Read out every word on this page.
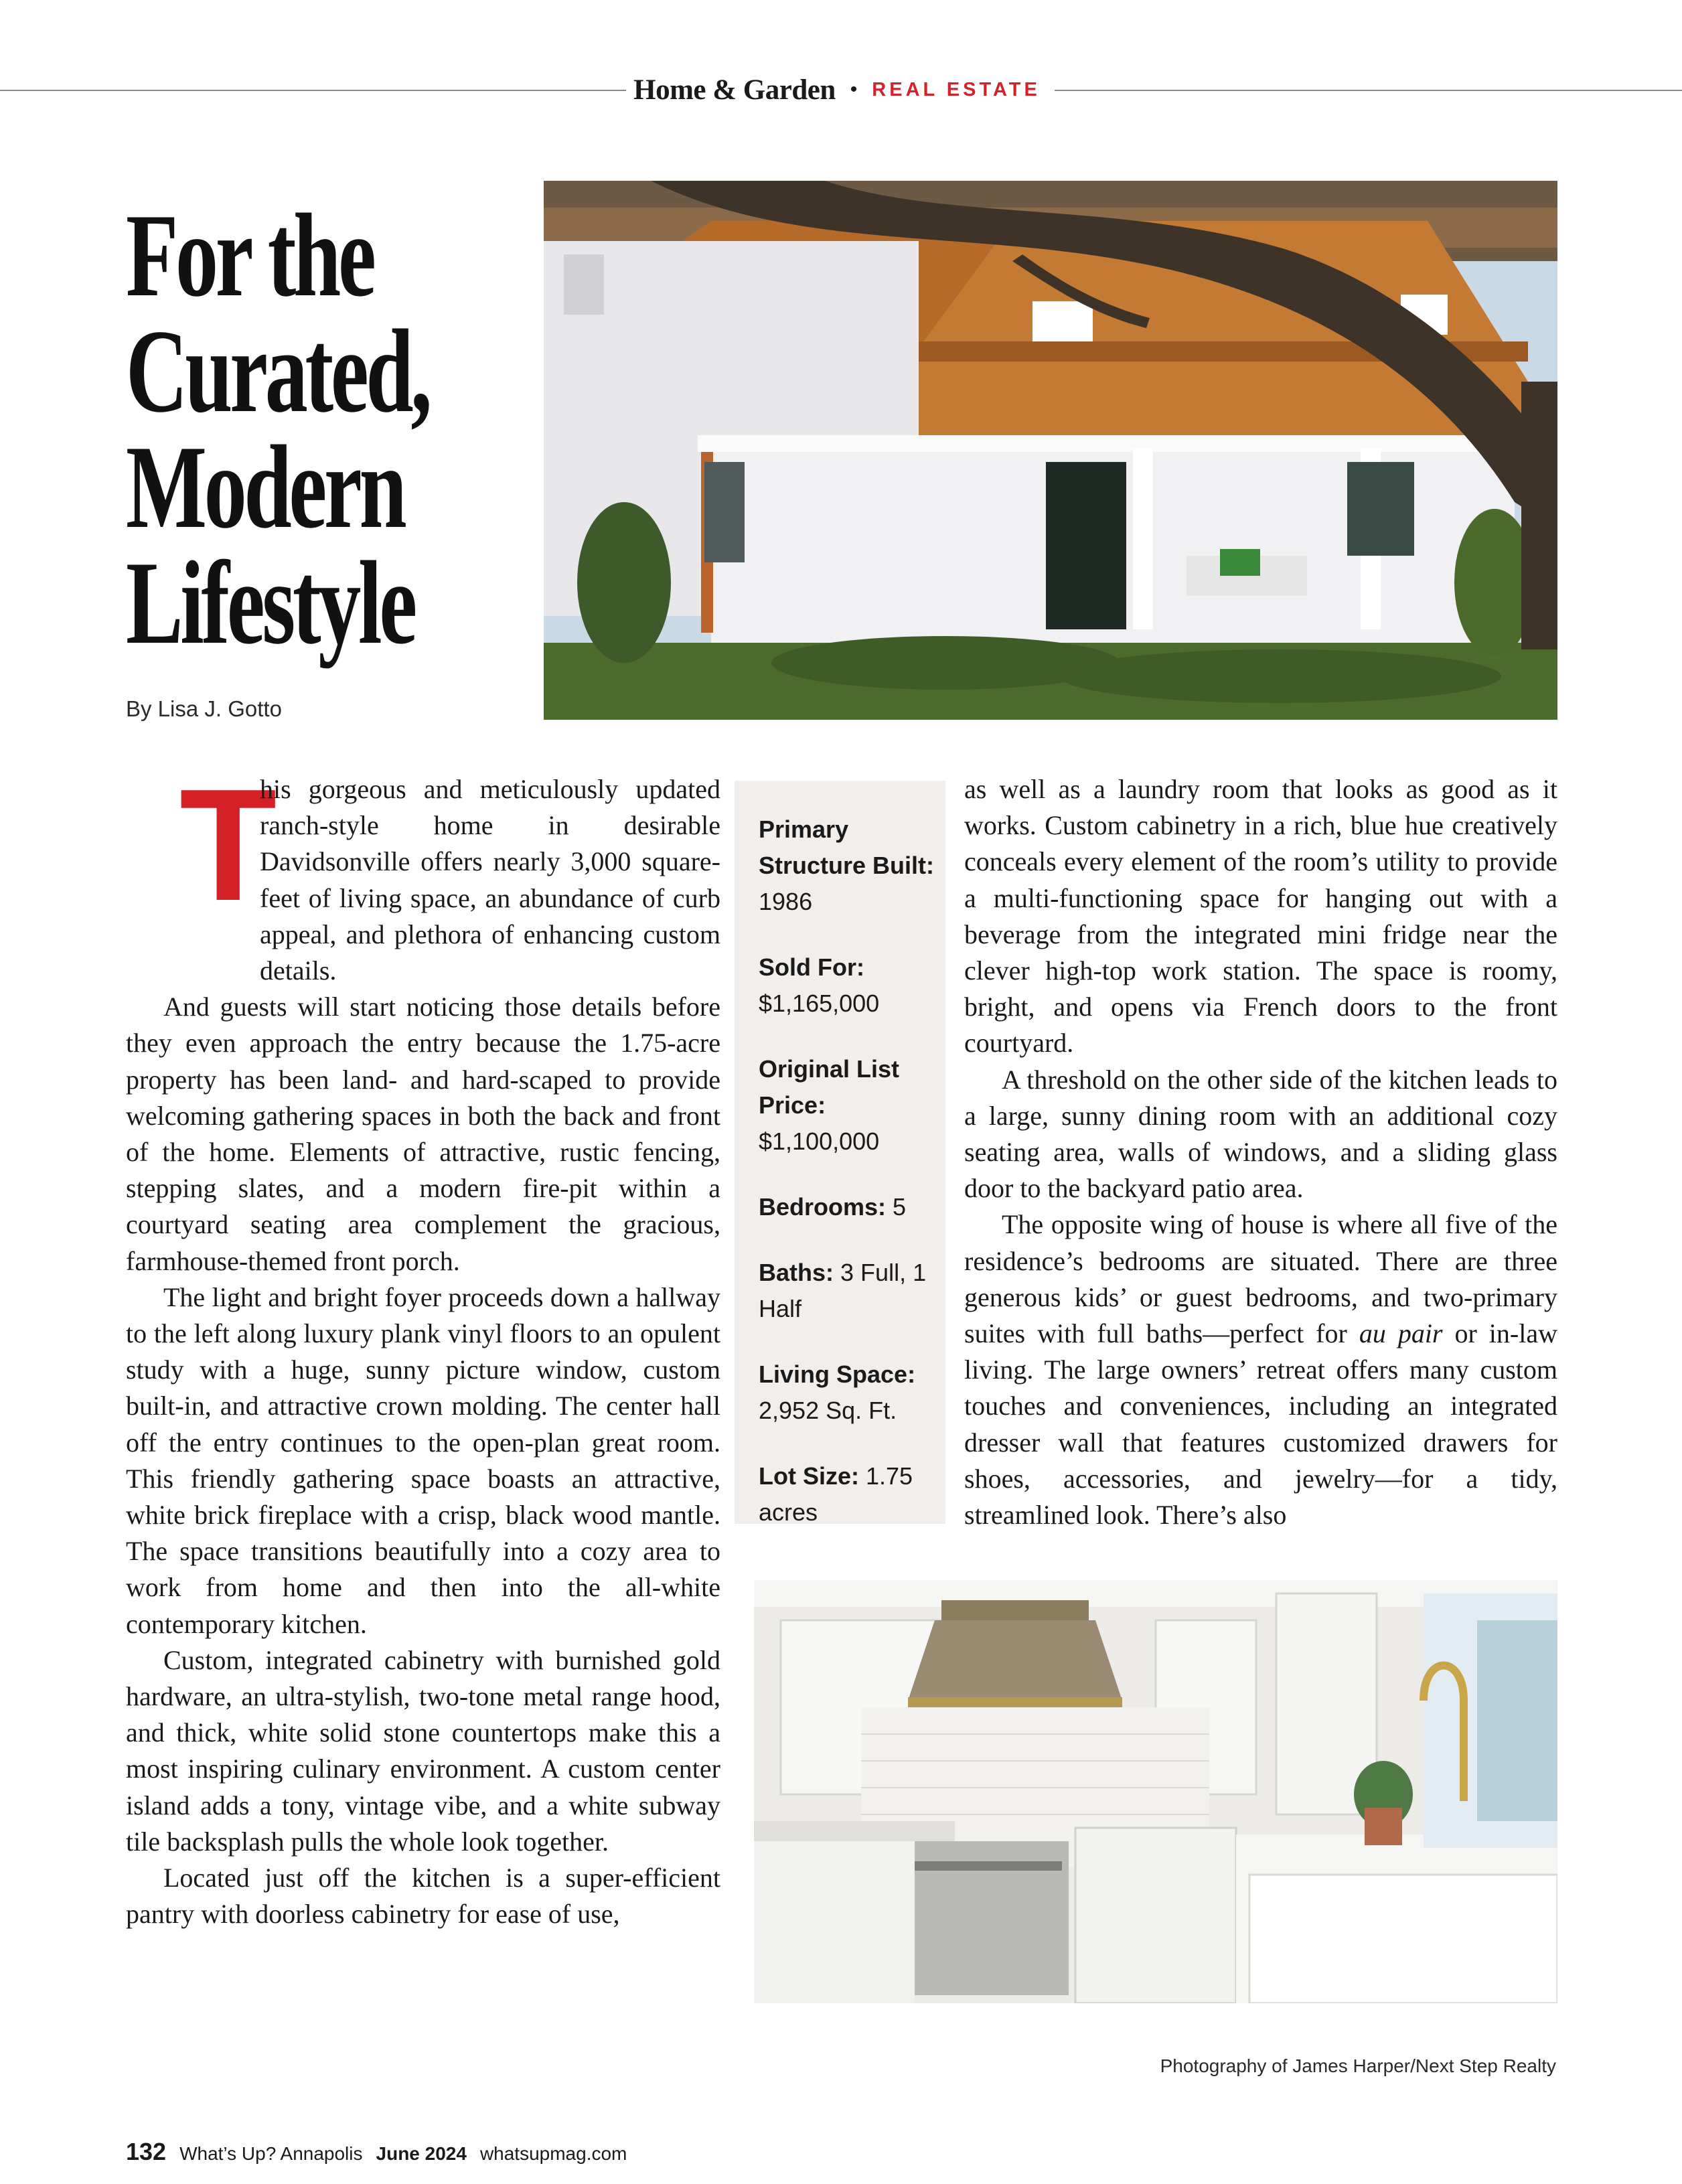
Home & Garden • REAL ESTATE
For the
Curated,
Modern
Lifestyle
By Lisa J. Gotto

T
his gorgeous and meticulously updated ranch-style home in desirable Davidsonville offers nearly 3,000 square-feet of living space, an abundance of curb appeal, and plethora of enhancing custom details.

And guests will start noticing those details before they even approach the entry because the 1.75-acre property has been land- and hard-scaped to provide welcoming gathering spaces in both the back and front of the home. Elements of attractive, rustic fencing, stepping slates, and a modern fire-pit within a courtyard seating area complement the gracious, farmhouse-themed front porch.

The light and bright foyer proceeds down a hallway to the left along luxury plank vinyl floors to an opulent study with a huge, sunny picture window, custom built-in, and attractive crown molding. The center hall off the entry continues to the open-plan great room. This friendly gathering space boasts an attractive, white brick fireplace with a crisp, black wood mantle. The space transitions beautifully into a cozy area to work from home and then into the all-white contemporary kitchen.

Custom, integrated cabinetry with burnished gold hardware, an ultra-stylish, two-tone metal range hood, and thick, white solid stone countertops make this a most inspiring culinary environment. A custom center island adds a tony, vintage vibe, and a white subway tile backsplash pulls the whole look together.

Located just off the kitchen is a super-efficient pantry with doorless cabinetry for ease of use,

Primary Structure Built: 1986
Sold For:
$1,165,000
Original List Price:
$1,100,000
Bedrooms: 5
Baths: 3 Full, 1 Half
Living Space:
2,952 Sq. Ft.
Lot Size: 1.75 acres

as well as a laundry room that looks as good as it works. Custom cabinetry in a rich, blue hue creatively conceals every element of the room’s utility to provide a multi-functioning space for hanging out with a beverage from the integrated mini fridge near the clever high-top work station. The space is roomy, bright, and opens via French doors to the front courtyard.

A threshold on the other side of the kitchen leads to a large, sunny dining room with an additional cozy seating area, walls of windows, and a sliding glass door to the backyard patio area.

The opposite wing of house is where all five of the residence’s bedrooms are situated. There are three generous kids’ or guest bedrooms, and two-primary suites with full baths—perfect for au pair or in-law living. The large owners’ retreat offers many custom touches and conveniences, including an integrated dresser wall that features customized drawers for shoes, accessories, and jewelry—for a tidy, streamlined look. There’s also

Photography of James Harper/Next Step Realty
132 What’s Up? Annapolis June 2024 whatsupmag.com
